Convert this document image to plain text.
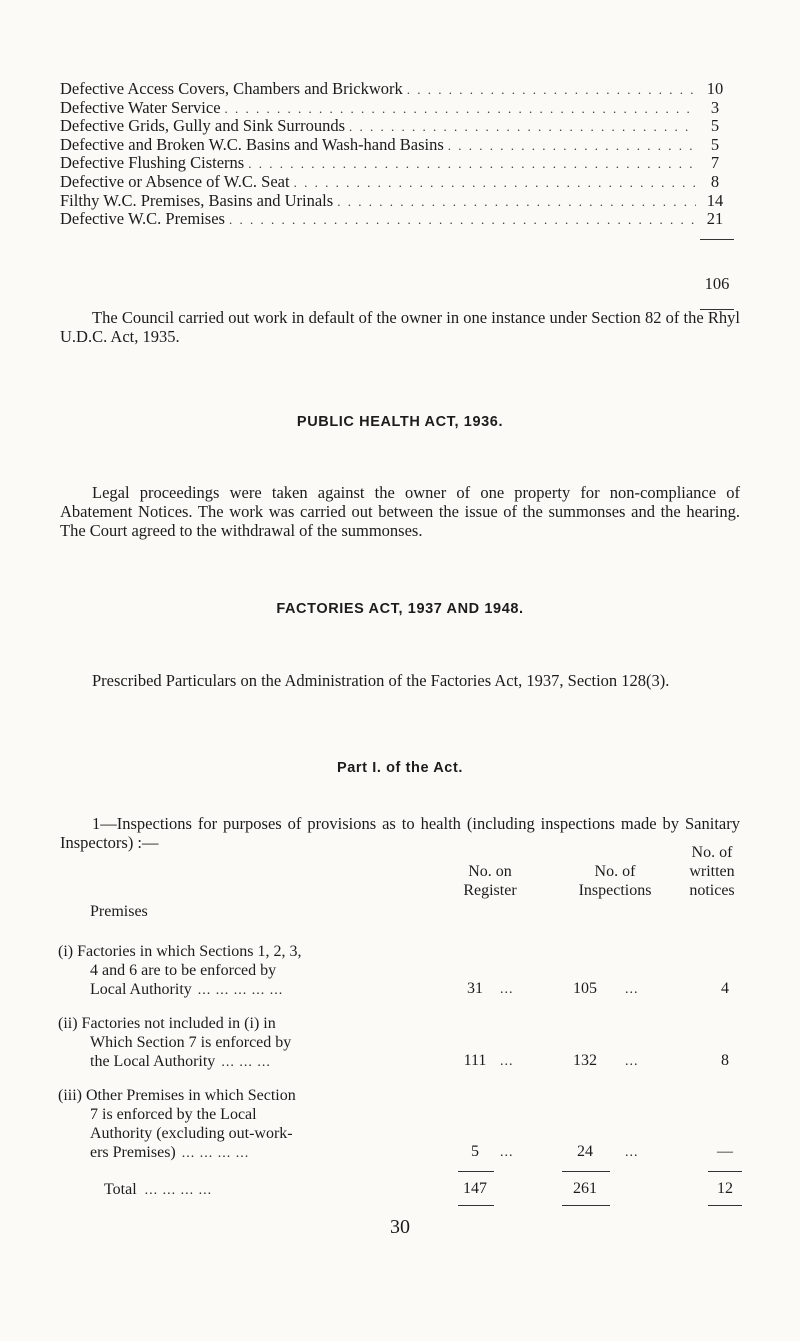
Defective Access Covers, Chambers and Brickwork . . .	10
Defective Water Service . . .	3
Defective Grids, Gully and Sink Surrounds . . .	5
Defective and Broken W.C. Basins and Wash-hand Basins . . .	5
Defective Flushing Cisterns . . .	7
Defective or Absence of W.C. Seat . . .	8
Filthy W.C. Premises, Basins and Urinals . . .	14
Defective W.C. Premises . . .	21
106

The Council carried out work in default of the owner in one instance under Section 82 of the Rhyl U.D.C. Act, 1935.

PUBLIC HEALTH ACT, 1936.

Legal proceedings were taken against the owner of one property for non-compliance of Abatement Notices. The work was carried out between the issue of the summonses and the hearing. The Court agreed to the withdrawal of the summonses.

FACTORIES ACT, 1937 AND 1948.

Prescribed Particulars on the Administration of the Factories Act, 1937, Section 128(3).

Part I. of the Act.

1—Inspections for purposes of provisions as to health (including inspections made by Sanitary Inspectors) :—

Premises
No. on
Register
No. of
Inspections
No. of
written
notices
(i) Factories in which Sections 1, 2, 3,
4 and 6 are to be enforced by
Local Authority ... ... ... ... ...	31	...	105	...	4
(ii) Factories not included in (i) in
Which Section 7 is enforced by
the Local Authority ... ... ...	111 ...	132	...	8
(iii) Other Premises in which Section
7 is enforced by the Local
Authority (excluding out-work-
ers Premises) ... ... ... ...	5	...	24	...	—
Total ... ... ... ...	147	261	12
30
